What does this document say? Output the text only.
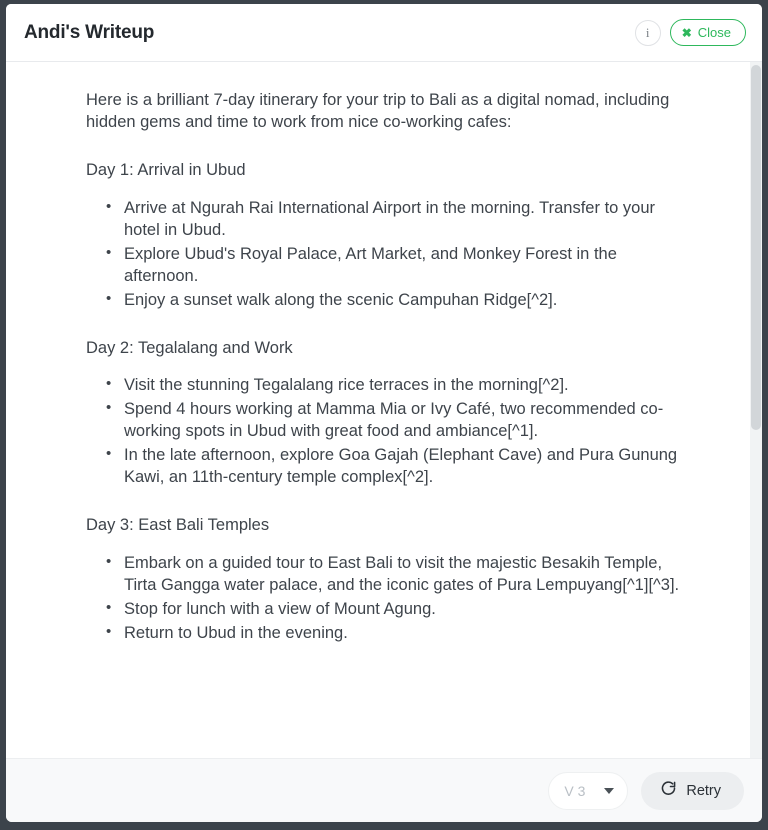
Andi's Writeup	i	✖ Close

Here is a brilliant 7-day itinerary for your trip to Bali as a digital nomad, including hidden gems and time to work from nice co-working cafes:

Day 1: Arrival in Ubud
• Arrive at Ngurah Rai International Airport in the morning. Transfer to your hotel in Ubud.
• Explore Ubud's Royal Palace, Art Market, and Monkey Forest in the afternoon.
• Enjoy a sunset walk along the scenic Campuhan Ridge[^2].
Day 2: Tegalalang and Work
• Visit the stunning Tegalalang rice terraces in the morning[^2].
• Spend 4 hours working at Mamma Mia or Ivy Café, two recommended co-working spots in Ubud with great food and ambiance[^1].
• In the late afternoon, explore Goa Gajah (Elephant Cave) and Pura Gunung Kawi, an 11th-century temple complex[^2].
Day 3: East Bali Temples
• Embark on a guided tour to East Bali to visit the majestic Besakih Temple, Tirta Gangga water palace, and the iconic gates of Pura Lempuyang[^1][^3].
• Stop for lunch with a view of Mount Agung.
• Return to Ubud in the evening.
V 3	Retry
